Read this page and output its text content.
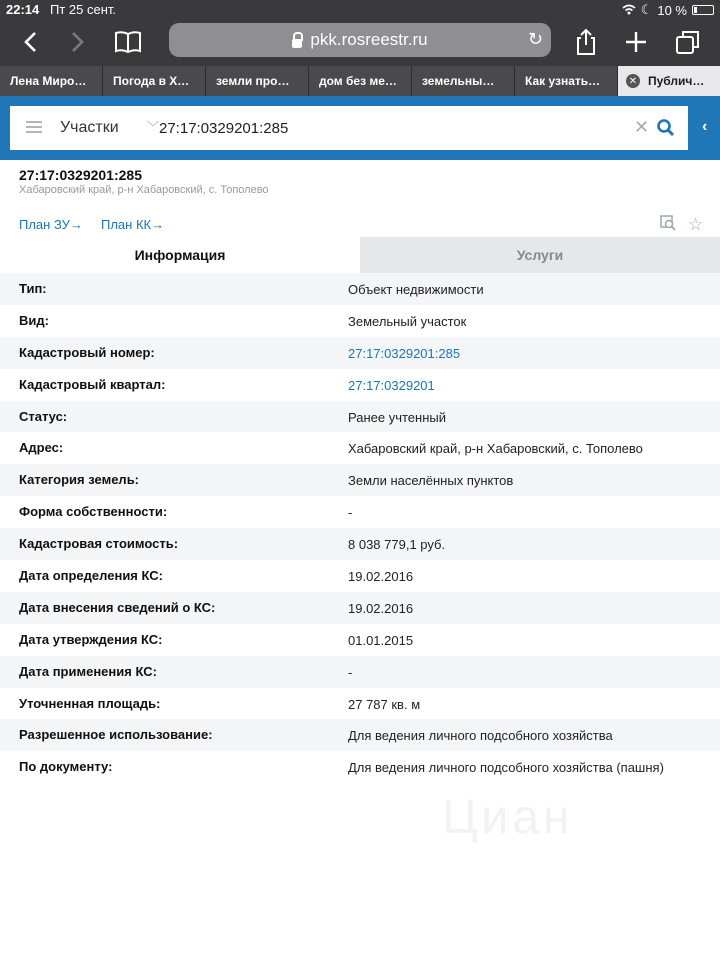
22:14 Пт 25 сент.	☾ 10 %
pkk.rosreestr.ru	↻
Лена Миро…	Погода в Х…	земли про…	дом без ме…	земельны…	Как узнать…	✕ Публич…
Участки ﹀
27:17:0329201:285	✕	‹
27:17:0329201:285
Хабаровский край, р-н Хабаровский, с. Тополево
План ЗУ→ План КК→	☆
Информация	Услуги
Тип:	Объект недвижимости
Вид:	Земельный участок
Кадастровый номер:	27:17:0329201:285
Кадастровый квартал:	27:17:0329201
Статус:	Ранее учтенный
Адрес:	Хабаровский край, р-н Хабаровский, с. Тополево
Категория земель:	Земли населённых пунктов
Форма собственности:	-
Кадастровая стоимость:	8 038 779,1 руб.
Дата определения КС:	19.02.2016
Дата внесения сведений о КС:	19.02.2016
Дата утверждения КС:	01.01.2015
Дата применения КС:	-
Уточненная площадь:	27 787 кв. м
Разрешенное использование:	Для ведения личного подсобного хозяйства
По документу:	Для ведения личного подсобного хозяйства (пашня)
Циан
